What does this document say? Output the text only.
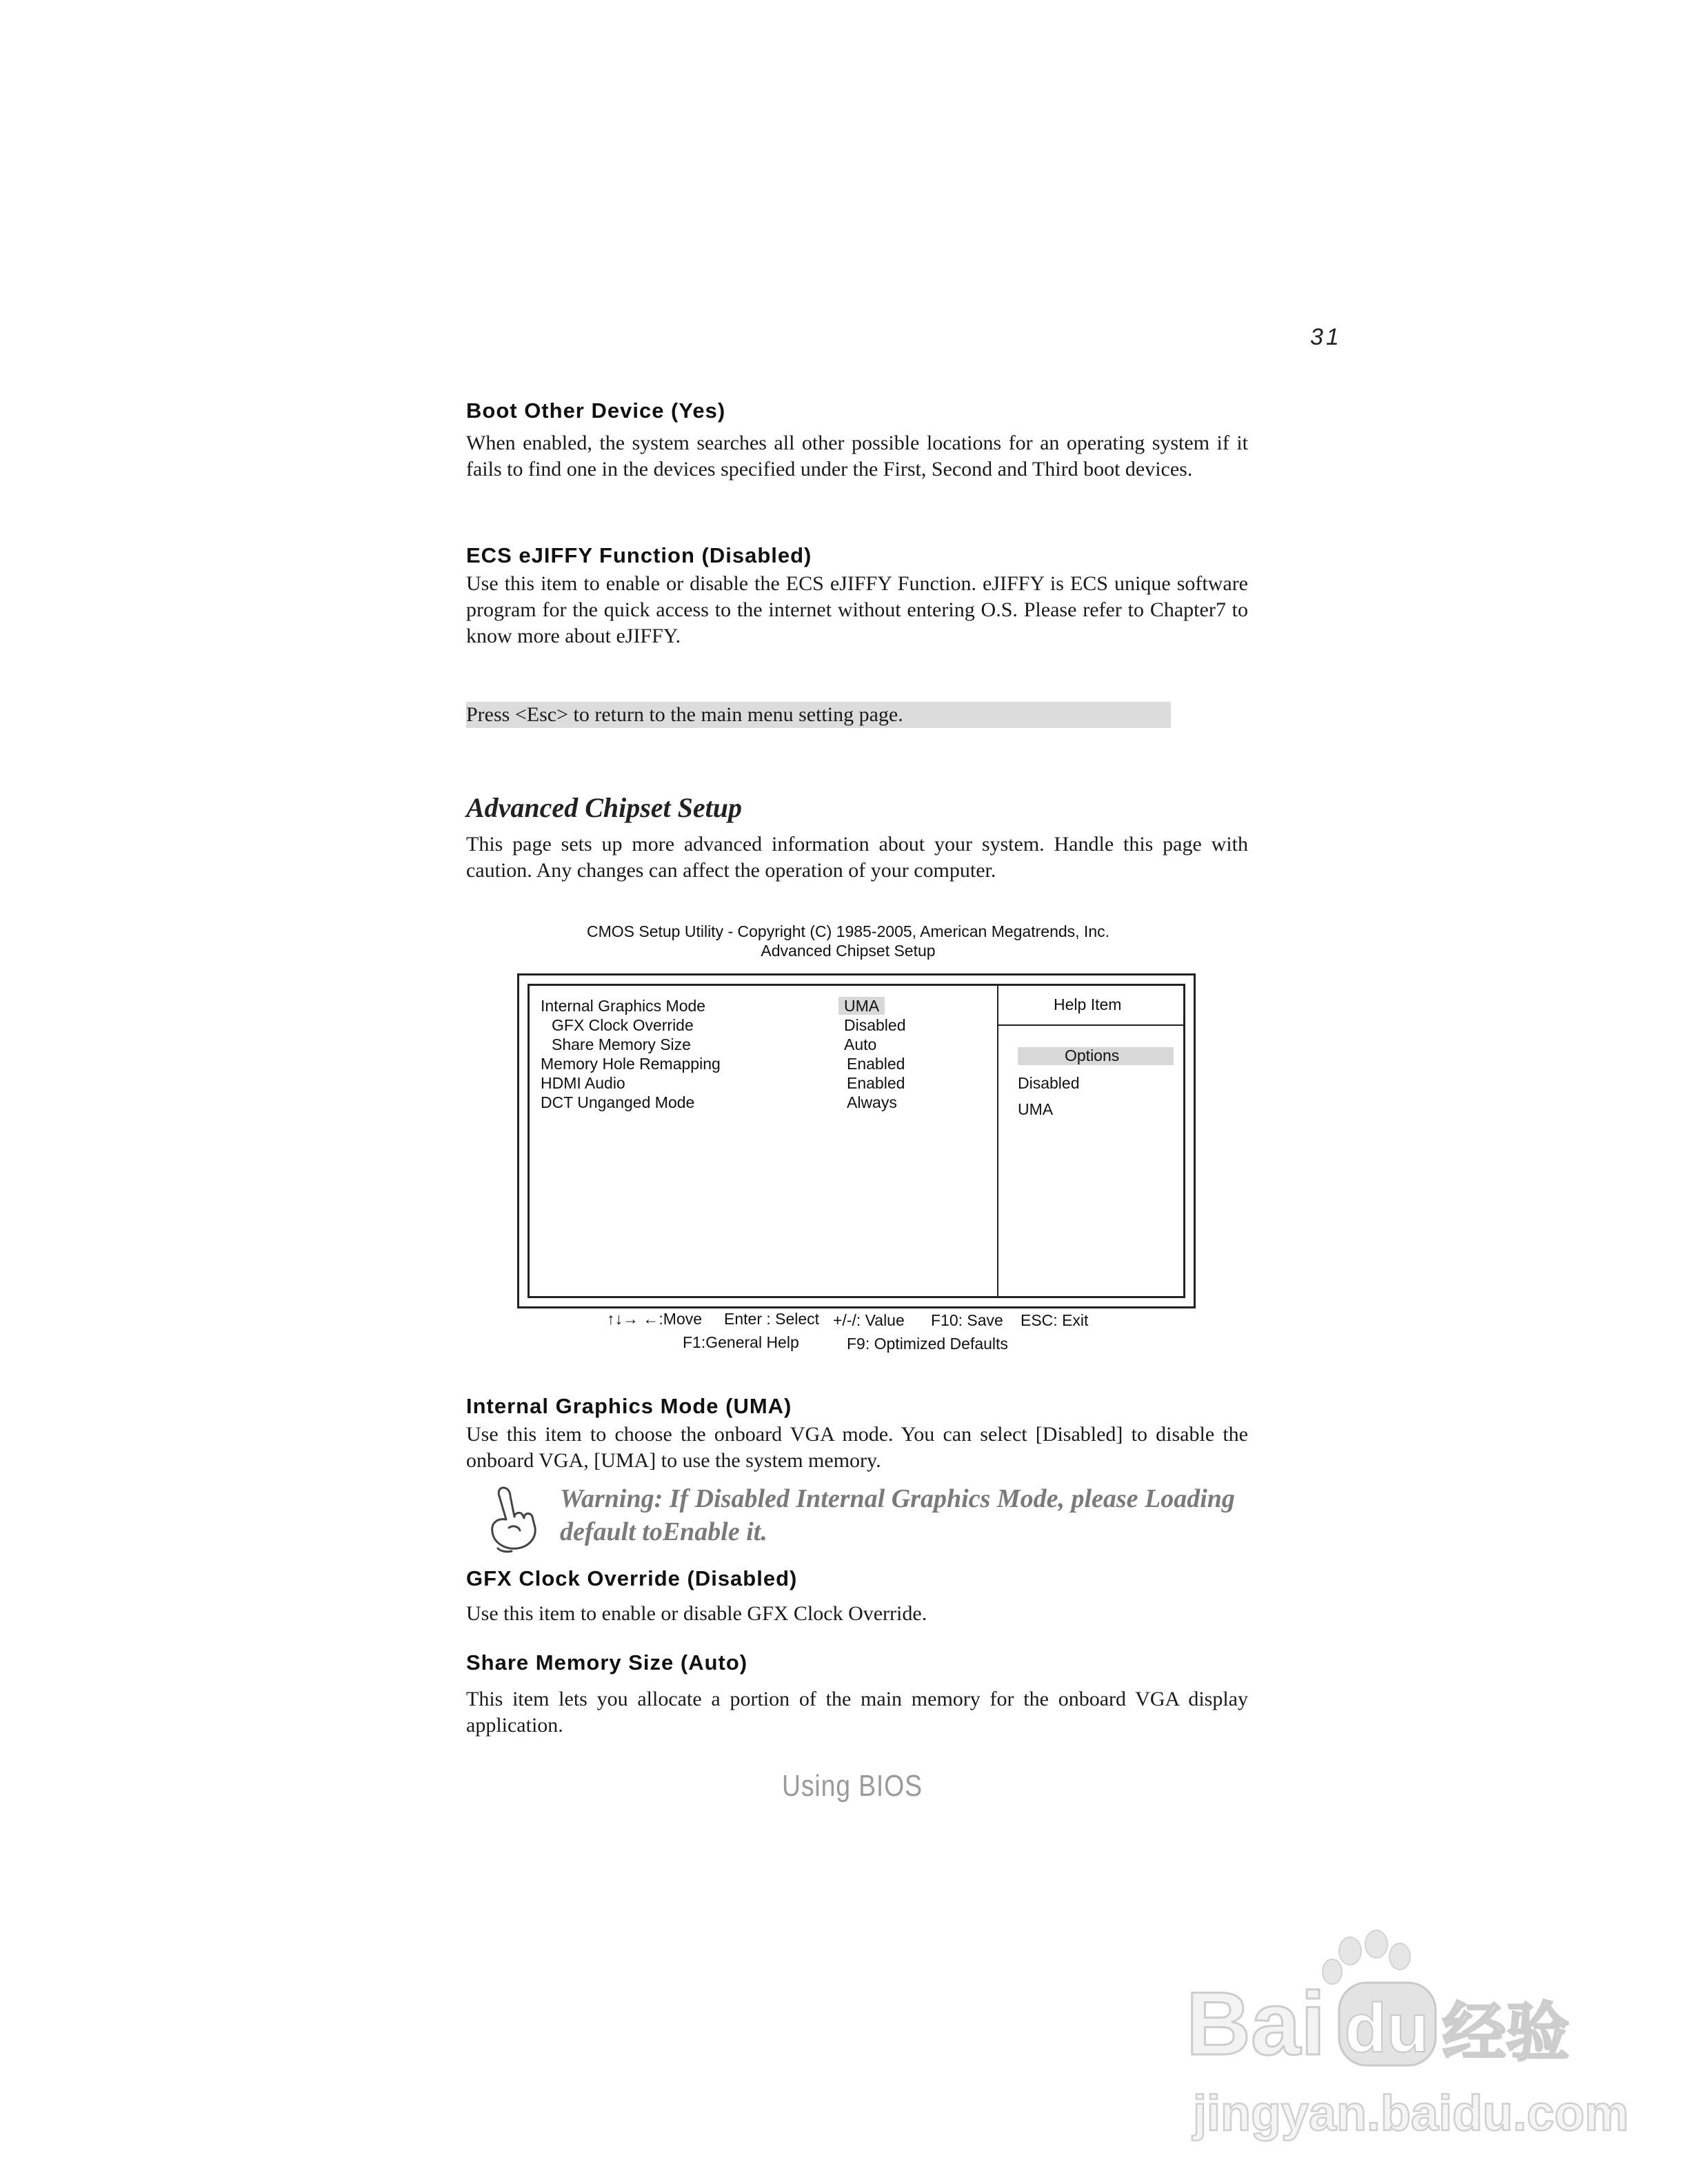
31
Boot Other Device (Yes)
When enabled, the system searches all other possible locations for an operating system if it fails to find one in the devices specified under the First, Second and Third boot devices.
ECS eJIFFY Function (Disabled)
Use this item to enable or disable the ECS eJIFFY Function. eJIFFY is ECS unique software program for the quick access to the internet without entering O.S. Please refer to Chapter7 to know more about eJIFFY.
Press <Esc> to return to the main menu setting page.
Advanced Chipset Setup
This page sets up more advanced information about your system. Handle this page with caution. Any changes can affect the operation of your computer.
CMOS Setup Utility - Copyright (C) 1985-2005, American Megatrends, Inc.
Advanced Chipset Setup
Internal Graphics Mode
GFX Clock Override
Share Memory Size
Memory Hole Remapping
HDMI Audio
DCT Unganged Mode
UMA
Disabled
Auto
Enabled
Enabled
Always
Help Item
Options
Disabled
UMA
↑↓→ ←:Move Enter : Select +/-/: Value F10: Save ESC: Exit
F1:General Help	F9: Optimized Defaults
Internal Graphics Mode (UMA)
Use this item to choose the onboard VGA mode. You can select [Disabled] to disable the onboard VGA, [UMA] to use the system memory.
Warning: If Disabled Internal Graphics Mode, please Loading default toEnable it.
GFX Clock Override (Disabled)
Use this item to enable or disable GFX Clock Override.
Share Memory Size (Auto)
This item lets you allocate a portion of the main memory for the onboard VGA display application.
Using BIOS
Bai du 经验
jingyan.baidu.com
